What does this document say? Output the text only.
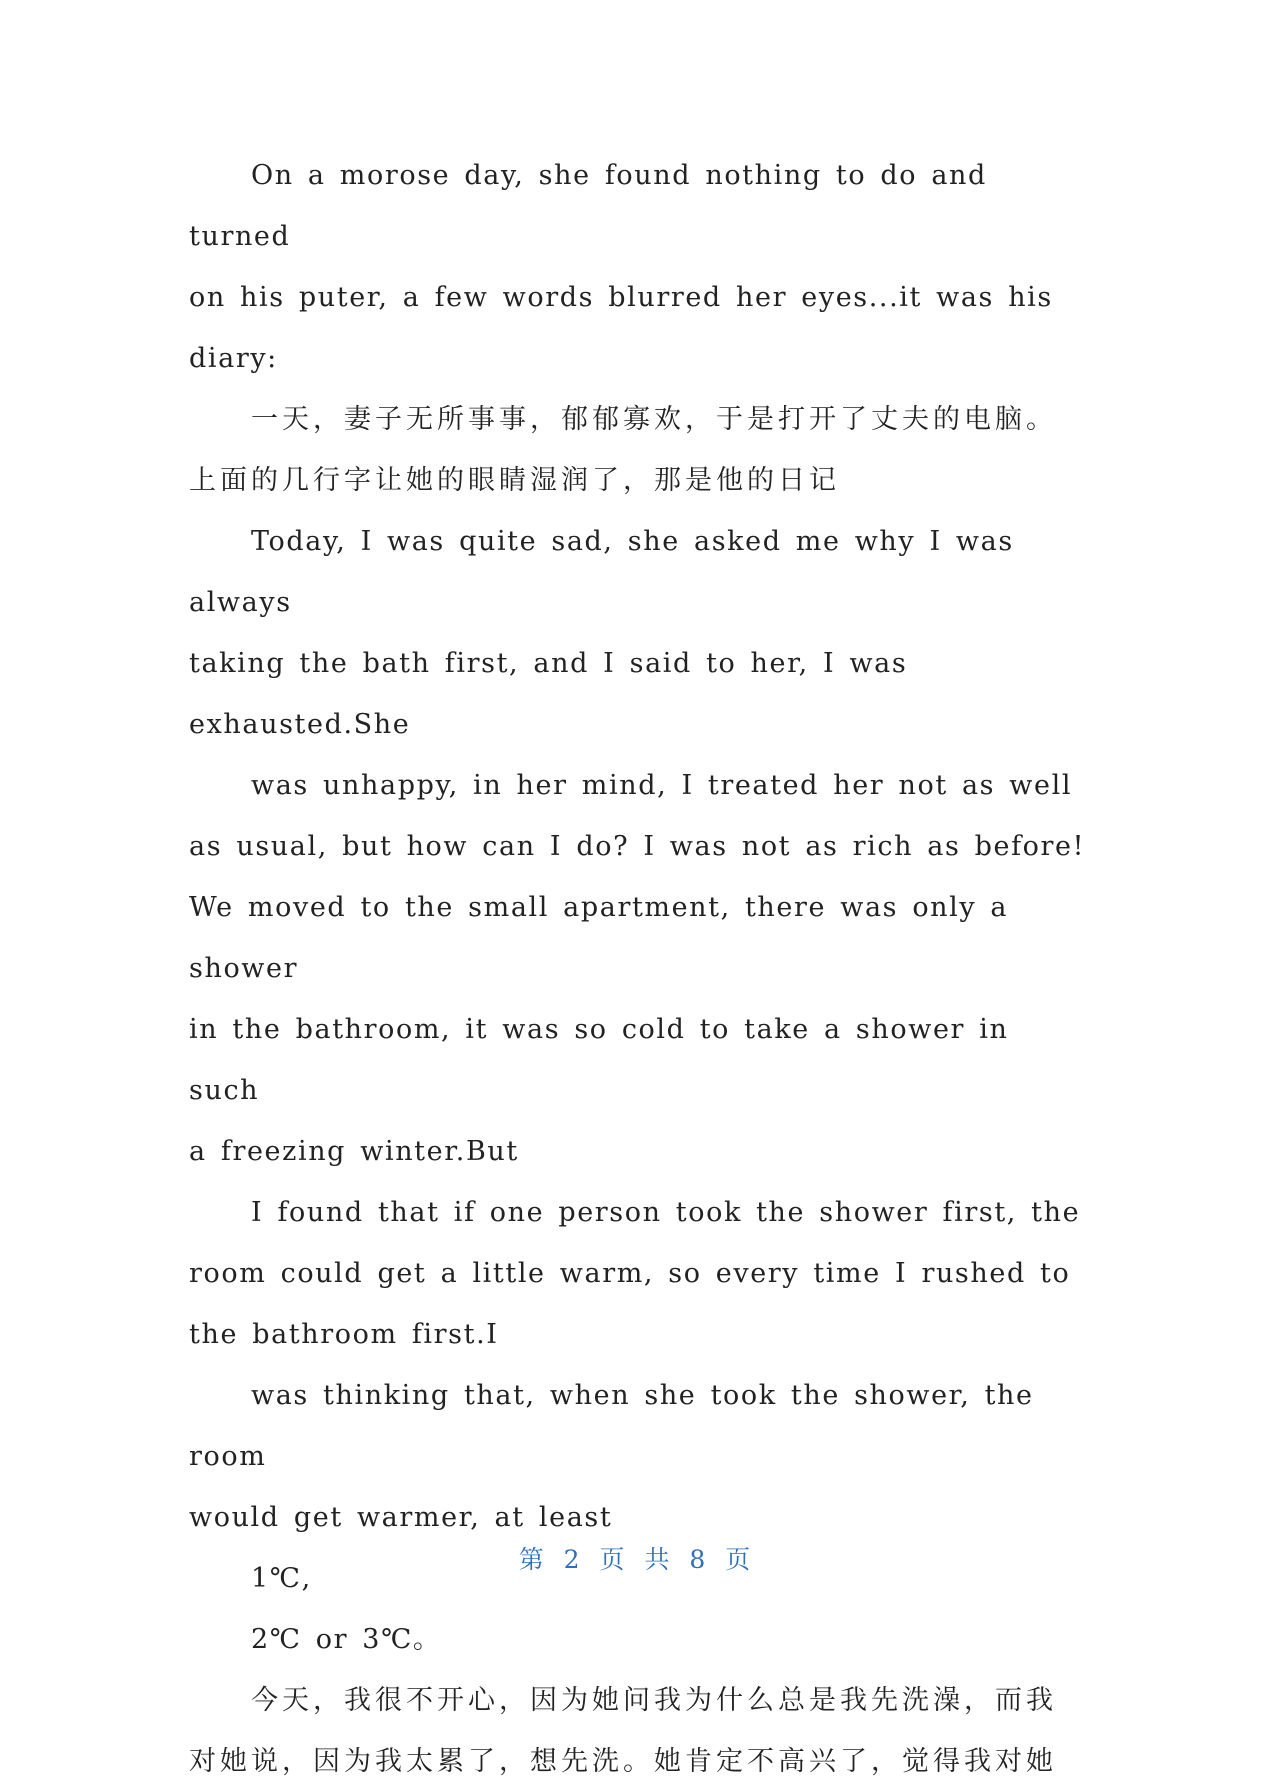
On a morose day, she found nothing to do and turned
on his puter, a few words blurred her eyes...it was his
diary:

一天，妻子无所事事，郁郁寡欢，于是打开了丈夫的电脑。
上面的几行字让她的眼睛湿润了，那是他的日记

Today, I was quite sad, she asked me why I was always
taking the bath first, and I said to her, I was
exhausted.She

was unhappy, in her mind, I treated her not as well
as usual, but how can I do? I was not as rich as before!
We moved to the small apartment, there was only a shower
in the bathroom, it was so cold to take a shower in such
a freezing winter.But

I found that if one person took the shower first, the
room could get a little warm, so every time I rushed to
the bathroom first.I

was thinking that, when she took the shower, the room
would get warmer, at least

1℃,

2℃ or 3℃。

今天，我很不开心，因为她问我为什么总是我先洗澡，而我
对她说，因为我太累了，想先洗。她肯定不高兴了，觉得我对她

第 2 页 共 8 页
